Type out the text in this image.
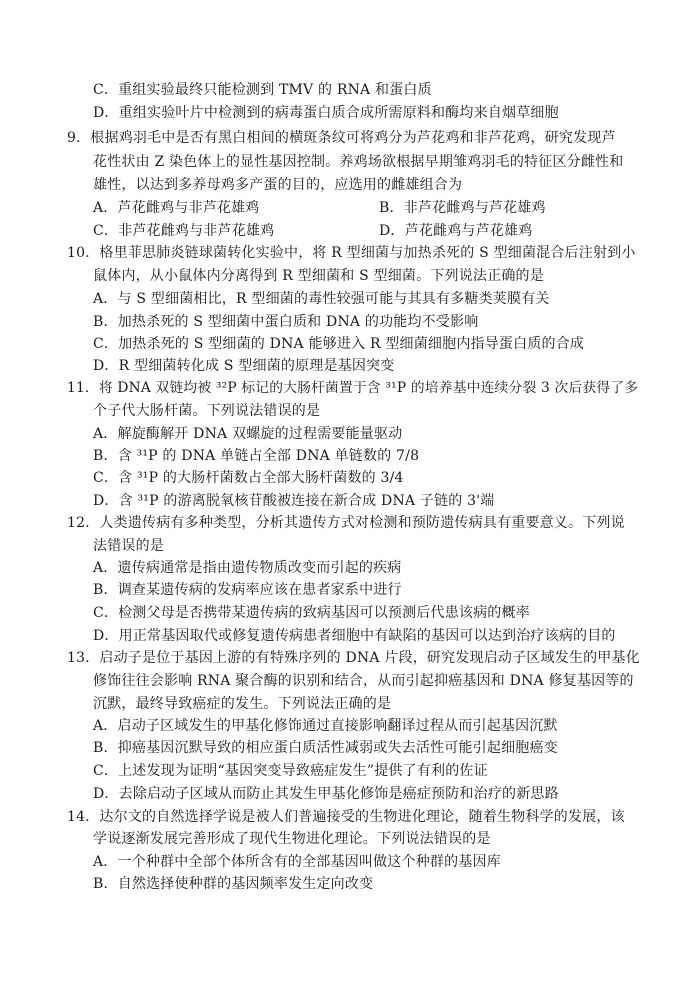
C．重组实验最终只能检测到 TMV 的 RNA 和蛋白质
D．重组实验叶片中检测到的病毒蛋白质合成所需原料和酶均来自烟草细胞
9．根据鸡羽毛中是否有黑白相间的横斑条纹可将鸡分为芦花鸡和非芦花鸡，研究发现芦
花性状由 Z 染色体上的显性基因控制。养鸡场欲根据早期雏鸡羽毛的特征区分雌性和
雄性，以达到多养母鸡多产蛋的目的，应选用的雌雄组合为
A．芦花雌鸡与非芦花雄鸡	B．非芦花雌鸡与芦花雄鸡
C．非芦花雌鸡与非芦花雄鸡	D．芦花雌鸡与芦花雄鸡
10．格里菲思肺炎链球菌转化实验中，将 R 型细菌与加热杀死的 S 型细菌混合后注射到小
鼠体内，从小鼠体内分离得到 R 型细菌和 S 型细菌。下列说法正确的是
A．与 S 型细菌相比，R 型细菌的毒性较强可能与其具有多糖类荚膜有关
B．加热杀死的 S 型细菌中蛋白质和 DNA 的功能均不受影响
C．加热杀死的 S 型细菌的 DNA 能够进入 R 型细菌细胞内指导蛋白质的合成
D．R 型细菌转化成 S 型细菌的原理是基因突变
11．将 DNA 双链均被 ³²P 标记的大肠杆菌置于含 ³¹P 的培养基中连续分裂 3 次后获得了多
个子代大肠杆菌。下列说法错误的是
A．解旋酶解开 DNA 双螺旋的过程需要能量驱动
B．含 ³¹P 的 DNA 单链占全部 DNA 单链数的 7/8
C．含 ³¹P 的大肠杆菌数占全部大肠杆菌数的 3/4
D．含 ³¹P 的游离脱氧核苷酸被连接在新合成 DNA 子链的 3'端
12．人类遗传病有多种类型，分析其遗传方式对检测和预防遗传病具有重要意义。下列说
法错误的是
A．遗传病通常是指由遗传物质改变而引起的疾病
B．调查某遗传病的发病率应该在患者家系中进行
C．检测父母是否携带某遗传病的致病基因可以预测后代患该病的概率
D．用正常基因取代或修复遗传病患者细胞中有缺陷的基因可以达到治疗该病的目的
13．启动子是位于基因上游的有特殊序列的 DNA 片段，研究发现启动子区域发生的甲基化
修饰往往会影响 RNA 聚合酶的识别和结合，从而引起抑癌基因和 DNA 修复基因等的
沉默，最终导致癌症的发生。下列说法正确的是
A．启动子区域发生的甲基化修饰通过直接影响翻译过程从而引起基因沉默
B．抑癌基因沉默导致的相应蛋白质活性减弱或失去活性可能引起细胞癌变
C．上述发现为证明“基因突变导致癌症发生”提供了有利的佐证
D．去除启动子区域从而防止其发生甲基化修饰是癌症预防和治疗的新思路
14．达尔文的自然选择学说是被人们普遍接受的生物进化理论，随着生物科学的发展，该
学说逐渐发展完善形成了现代生物进化理论。下列说法错误的是
A．一个种群中全部个体所含有的全部基因叫做这个种群的基因库
B．自然选择使种群的基因频率发生定向改变
